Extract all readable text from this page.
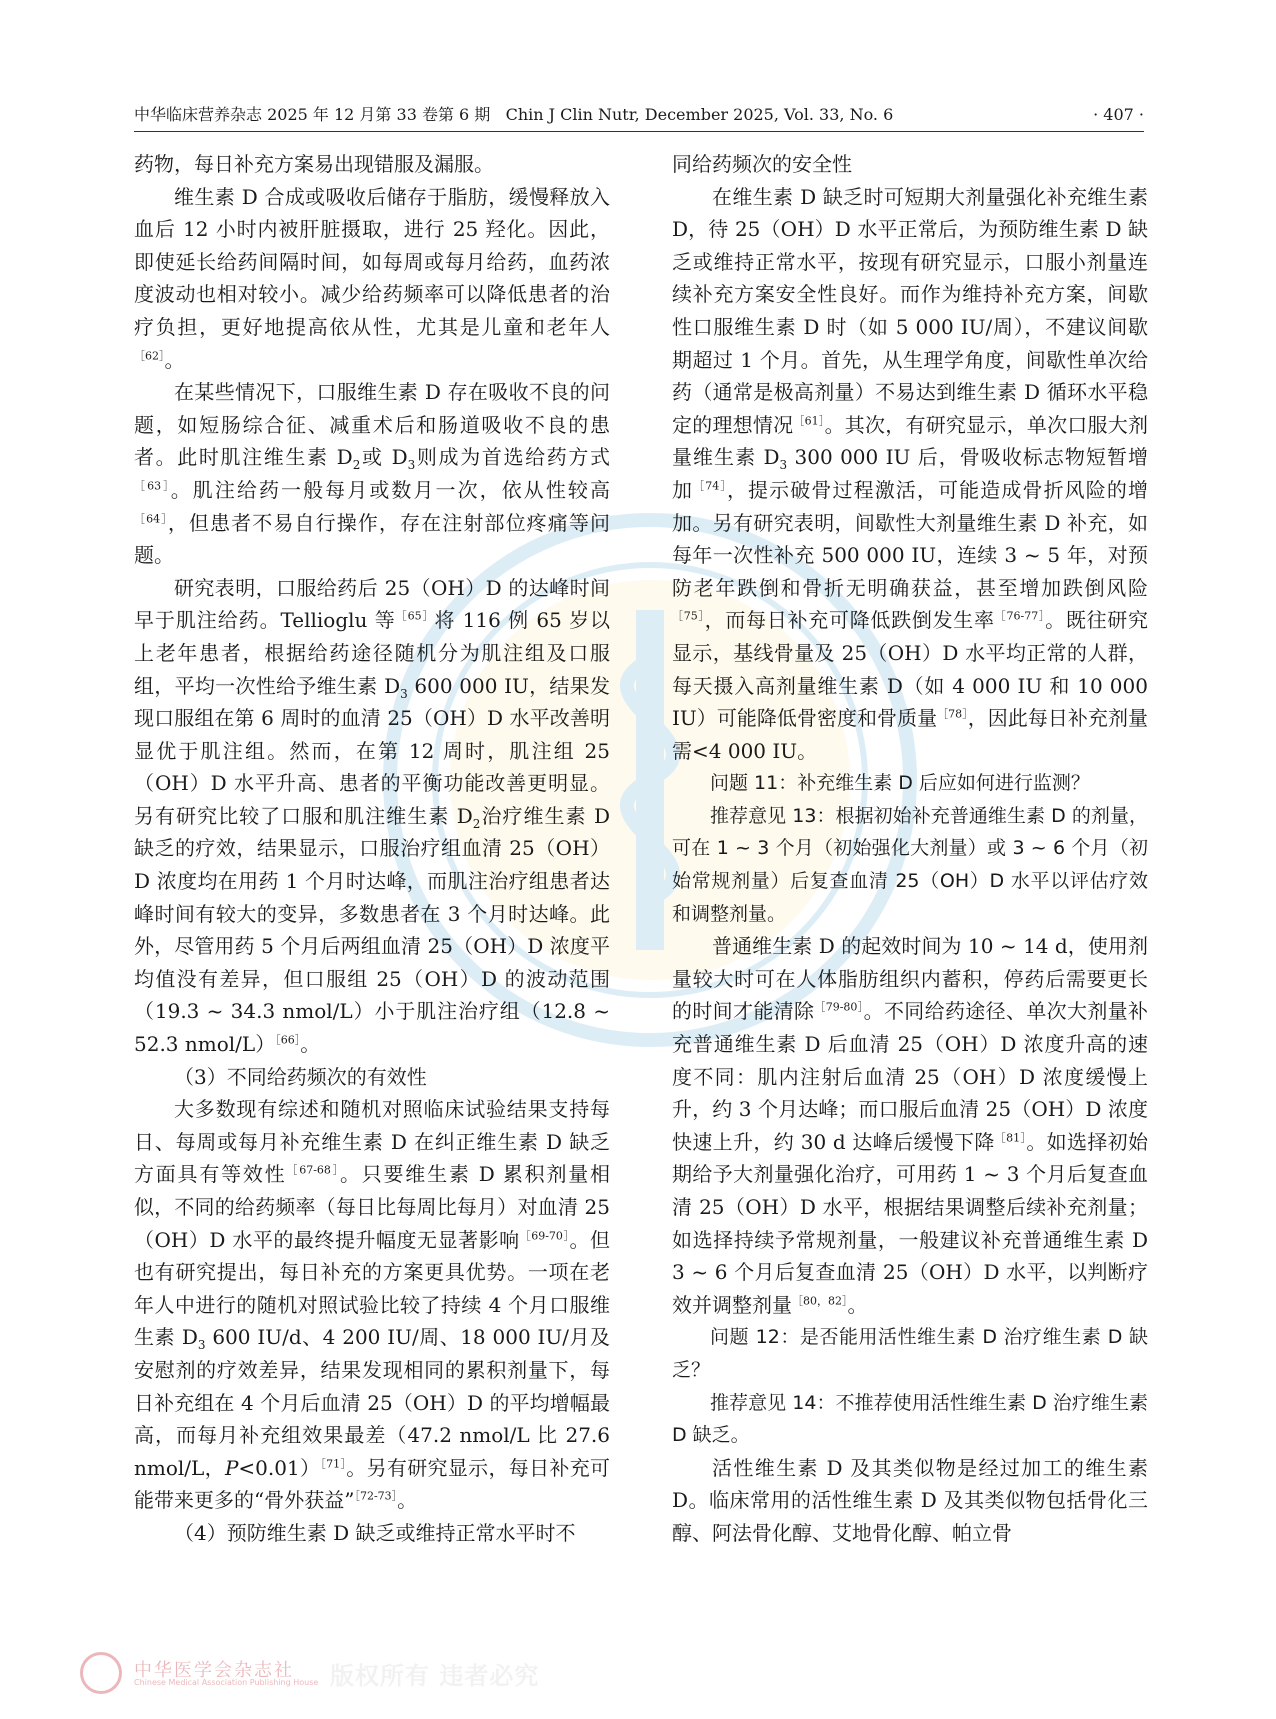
中华临床营养杂志 2025 年 12 月第 33 卷第 6 期 Chin J Clin Nutr, December 2025, Vol. 33, No. 6	· 407 ·

药物，每日补充方案易出现错服及漏服。

维生素 D 合成或吸收后储存于脂肪，缓慢释放入血后 12 小时内被肝脏摄取，进行 25 羟化。因此，即使延长给药间隔时间，如每周或每月给药，血药浓度波动也相对较小。减少给药频率可以降低患者的治疗负担，更好地提高依从性，尤其是儿童和老年人$^{[62]}$。

在某些情况下，口服维生素 D 存在吸收不良的问题，如短肠综合征、减重术后和肠道吸收不良的患者。此时肌注维生素 $D_2$或 $D_3$则成为首选给药方式$^{[63]}$。肌注给药一般每月或数月一次，依从性较高$^{[64]}$，但患者不易自行操作，存在注射部位疼痛等问题。

研究表明，口服给药后 25（OH）D 的达峰时间早于肌注给药。Tellioglu 等$^{[65]}$将 116 例 65 岁以上老年患者，根据给药途径随机分为肌注组及口服组，平均一次性给予维生素 $D_3$ 600 000 IU，结果发现口服组在第 6 周时的血清 25（OH）D 水平改善明显优于肌注组。然而，在第 12 周时，肌注组 25（OH）D 水平升高、患者的平衡功能改善更明显。另有研究比较了口服和肌注维生素 $D_2$治疗维生素 D 缺乏的疗效，结果显示，口服治疗组血清 25（OH）D 浓度均在用药 1 个月时达峰，而肌注治疗组患者达峰时间有较大的变异，多数患者在 3 个月时达峰。此外，尽管用药 5 个月后两组血清 25（OH）D 浓度平均值没有差异，但口服组 25（OH）D 的波动范围（19.3 ~ 34.3 nmol/L）小于肌注治疗组（12.8 ~ 52.3 nmol/L）$^{[66]}$。

（3）不同给药频次的有效性

大多数现有综述和随机对照临床试验结果支持每日、每周或每月补充维生素 D 在纠正维生素 D 缺乏方面具有等效性$^{[67-68]}$。只要维生素 D 累积剂量相似，不同的给药频率（每日比每周比每月）对血清 25（OH）D 水平的最终提升幅度无显著影响$^{[69-70]}$。但也有研究提出，每日补充的方案更具优势。一项在老年人中进行的随机对照试验比较了持续 4 个月口服维生素 $D_3$ 600 IU/d、4 200 IU/周、18 000 IU/月及安慰剂的疗效差异，结果发现相同的累积剂量下，每日补充组在 4 个月后血清 25（OH）D 的平均增幅最高，而每月补充组效果最差（47.2 nmol/L 比 27.6 nmol/L，P<0.01）$^{[71]}$。另有研究显示，每日补充可能带来更多的“骨外获益”$^{[72-73]}$。

（4）预防维生素 D 缺乏或维持正常水平时不

同给药频次的安全性

在维生素 D 缺乏时可短期大剂量强化补充维生素 D，待 25（OH）D 水平正常后，为预防维生素 D 缺乏或维持正常水平，按现有研究显示，口服小剂量连续补充方案安全性良好。而作为维持补充方案，间歇性口服维生素 D 时（如 5 000 IU/周），不建议间歇期超过 1 个月。首先，从生理学角度，间歇性单次给药（通常是极高剂量）不易达到维生素 D 循环水平稳定的理想情况$^{[61]}$。其次，有研究显示，单次口服大剂量维生素 $D_3$ 300 000 IU 后，骨吸收标志物短暂增加$^{[74]}$，提示破骨过程激活，可能造成骨折风险的增加。另有研究表明，间歇性大剂量维生素 D 补充，如每年一次性补充 500 000 IU，连续 3 ~ 5 年，对预防老年跌倒和骨折无明确获益，甚至增加跌倒风险$^{[75]}$，而每日补充可降低跌倒发生率$^{[76-77]}$。既往研究显示，基线骨量及 25（OH）D 水平均正常的人群，每天摄入高剂量维生素 D（如 4 000 IU 和 10 000 IU）可能降低骨密度和骨质量$^{[78]}$，因此每日补充剂量需<4 000 IU。

问题 11：补充维生素 D 后应如何进行监测？

推荐意见 13：根据初始补充普通维生素 D 的剂量，可在 1 ~ 3 个月（初始强化大剂量）或 3 ~ 6 个月（初始常规剂量）后复查血清 25（OH）D 水平以评估疗效和调整剂量。

普通维生素 D 的起效时间为 10 ~ 14 d，使用剂量较大时可在人体脂肪组织内蓄积，停药后需要更长的时间才能清除$^{[79-80]}$。不同给药途径、单次大剂量补充普通维生素 D 后血清 25（OH）D 浓度升高的速度不同：肌内注射后血清 25（OH）D 浓度缓慢上升，约 3 个月达峰；而口服后血清 25（OH）D 浓度快速上升，约 30 d 达峰后缓慢下降$^{[81]}$。如选择初始期给予大剂量强化治疗，可用药 1 ~ 3 个月后复查血清 25（OH）D 水平，根据结果调整后续补充剂量；如选择持续予常规剂量，一般建议补充普通维生素 D 3 ~ 6 个月后复查血清 25（OH）D 水平，以判断疗效并调整剂量$^{[80,82]}$。

问题 12：是否能用活性维生素 D 治疗维生素 D 缺乏？

推荐意见 14：不推荐使用活性维生素 D 治疗维生素 D 缺乏。

活性维生素 D 及其类似物是经过加工的维生素 D。临床常用的活性维生素 D 及其类似物包括骨化三醇、阿法骨化醇、艾地骨化醇、帕立骨

中华医学会杂志社
Chinese Medical Association Publishing House 版权所有 违者必究
